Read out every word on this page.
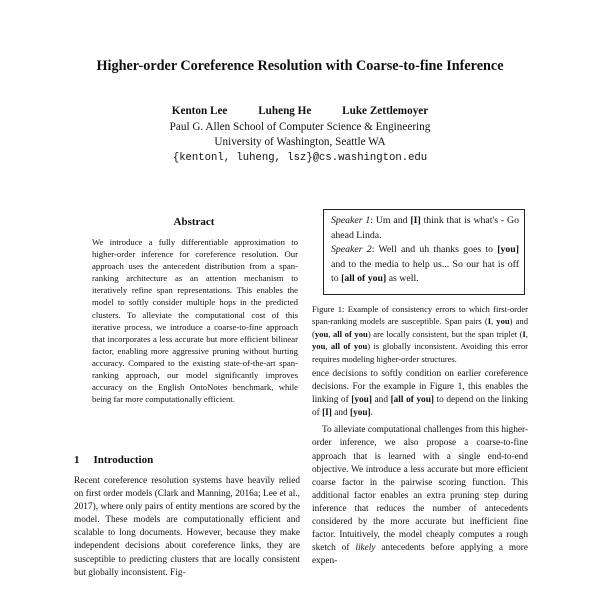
Higher-order Coreference Resolution with Coarse-to-fine Inference
Kenton Lee	Luheng He	Luke Zettlemoyer
Paul G. Allen School of Computer Science & Engineering
University of Washington, Seattle WA
{kentonl, luheng, lsz}@cs.washington.edu
Abstract

We introduce a fully differentiable approximation to higher-order inference for coreference resolution. Our approach uses the antecedent distribution from a span-ranking architecture as an attention mechanism to iteratively refine span representations. This enables the model to softly consider multiple hops in the predicted clusters. To alleviate the computational cost of this iterative process, we introduce a coarse-to-fine approach that incorporates a less accurate but more efficient bilinear factor, enabling more aggressive pruning without hurting accuracy. Compared to the existing state-of-the-art span-ranking approach, our model significantly improves accuracy on the English OntoNotes benchmark, while being far more computationally efficient.

1 Introduction

Recent coreference resolution systems have heavily relied on first order models (Clark and Manning, 2016a; Lee et al., 2017), where only pairs of entity mentions are scored by the model. These models are computationally efficient and scalable to long documents. However, because they make independent decisions about coreference links, they are susceptible to predicting clusters that are locally consistent but globally inconsistent. Fig-

Speaker 1: Um and [I] think that is what's - Go ahead Linda.

Speaker 2: Well and uh thanks goes to [you] and to the media to help us... So our hat is off to [all of you] as well.

Figure 1: Example of consistency errors to which first-order span-ranking models are susceptible. Span pairs (I, you) and (you, all of you) are locally consistent, but the span triplet (I, you, all of you) is globally inconsistent. Avoiding this error requires modeling higher-order structures.

ence decisions to softly condition on earlier coreference decisions. For the example in Figure 1, this enables the linking of [you] and [all of you] to depend on the linking of [I] and [you].

To alleviate computational challenges from this higher-order inference, we also propose a coarse-to-fine approach that is learned with a single end-to-end objective. We introduce a less accurate but more efficient coarse factor in the pairwise scoring function. This additional factor enables an extra pruning step during inference that reduces the number of antecedents considered by the more accurate but inefficient fine factor. Intuitively, the model cheaply computes a rough sketch of likely antecedents before applying a more expen-
